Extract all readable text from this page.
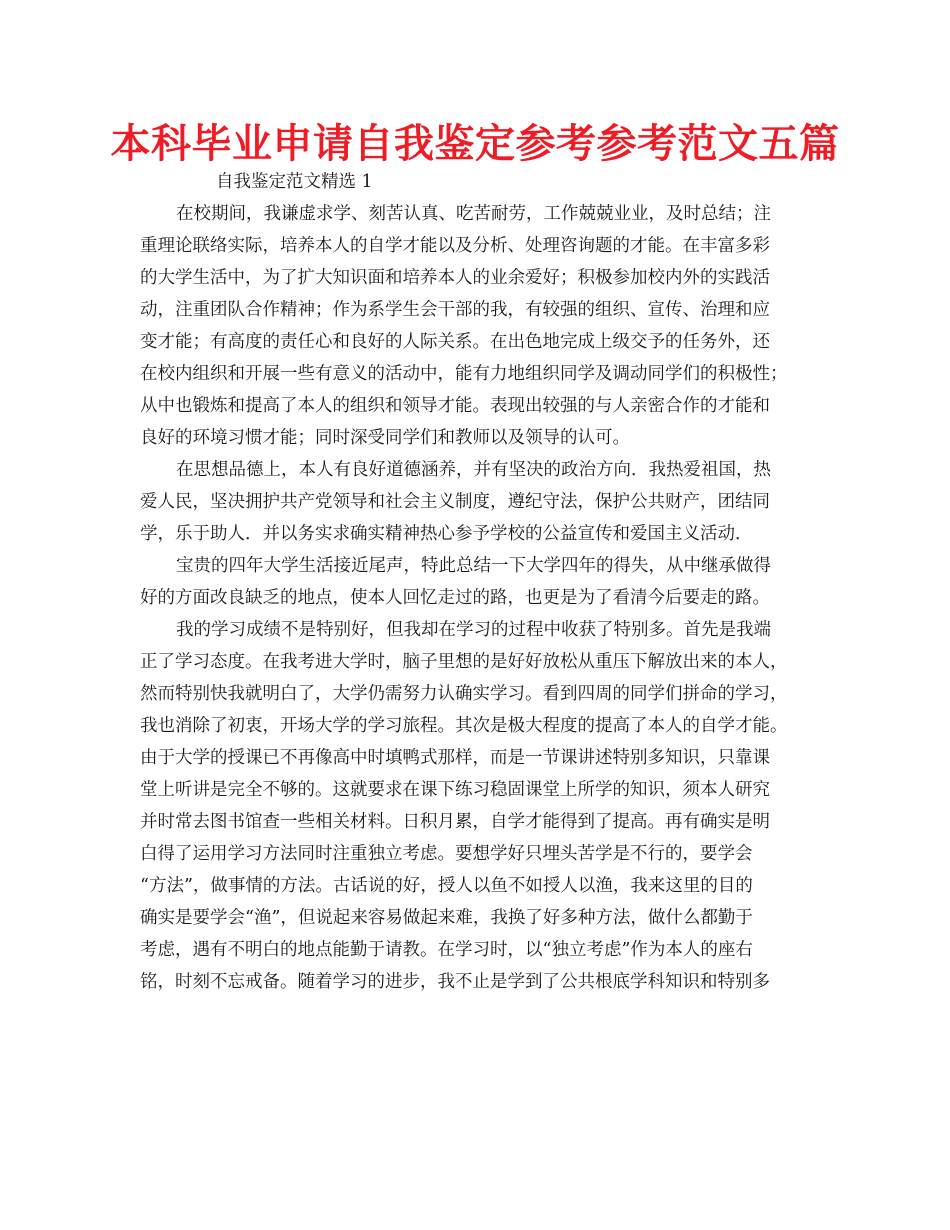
本科毕业申请自我鉴定参考参考范文五篇
自我鉴定范文精选 1
在校期间，我谦虚求学、刻苦认真、吃苦耐劳，工作兢兢业业，及时总结；注
重理论联络实际，培养本人的自学才能以及分析、处理咨询题的才能。在丰富多彩
的大学生活中，为了扩大知识面和培养本人的业余爱好；积极参加校内外的实践活
动，注重团队合作精神；作为系学生会干部的我，有较强的组织、宣传、治理和应
变才能；有高度的责任心和良好的人际关系。在出色地完成上级交予的任务外，还
在校内组织和开展一些有意义的活动中，能有力地组织同学及调动同学们的积极性；
从中也锻炼和提高了本人的组织和领导才能。表现出较强的与人亲密合作的才能和
良好的环境习惯才能；同时深受同学们和教师以及领导的认可。
在思想品德上，本人有良好道德涵养，并有坚决的政治方向．我热爱祖国，热
爱人民，坚决拥护共产党领导和社会主义制度，遵纪守法，保护公共财产，团结同
学，乐于助人．并以务实求确实精神热心参予学校的公益宣传和爱国主义活动．
宝贵的四年大学生活接近尾声，特此总结一下大学四年的得失，从中继承做得
好的方面改良缺乏的地点，使本人回忆走过的路，也更是为了看清今后要走的路。
我的学习成绩不是特别好，但我却在学习的过程中收获了特别多。首先是我端
正了学习态度。在我考进大学时，脑子里想的是好好放松从重压下解放出来的本人，
然而特别快我就明白了，大学仍需努力认确实学习。看到四周的同学们拼命的学习，
我也消除了初衷，开场大学的学习旅程。其次是极大程度的提高了本人的自学才能。
由于大学的授课已不再像高中时填鸭式那样，而是一节课讲述特别多知识，只靠课
堂上听讲是完全不够的。这就要求在课下练习稳固课堂上所学的知识，须本人研究
并时常去图书馆查一些相关材料。日积月累，自学才能得到了提高。再有确实是明
白得了运用学习方法同时注重独立考虑。要想学好只埋头苦学是不行的，要学会
“方法”，做事情的方法。古话说的好，授人以鱼不如授人以渔，我来这里的目的
确实是要学会“渔”，但说起来容易做起来难，我换了好多种方法，做什么都勤于
考虑，遇有不明白的地点能勤于请教。在学习时，以“独立考虑”作为本人的座右
铭，时刻不忘戒备。随着学习的进步，我不止是学到了公共根底学科知识和特别多
